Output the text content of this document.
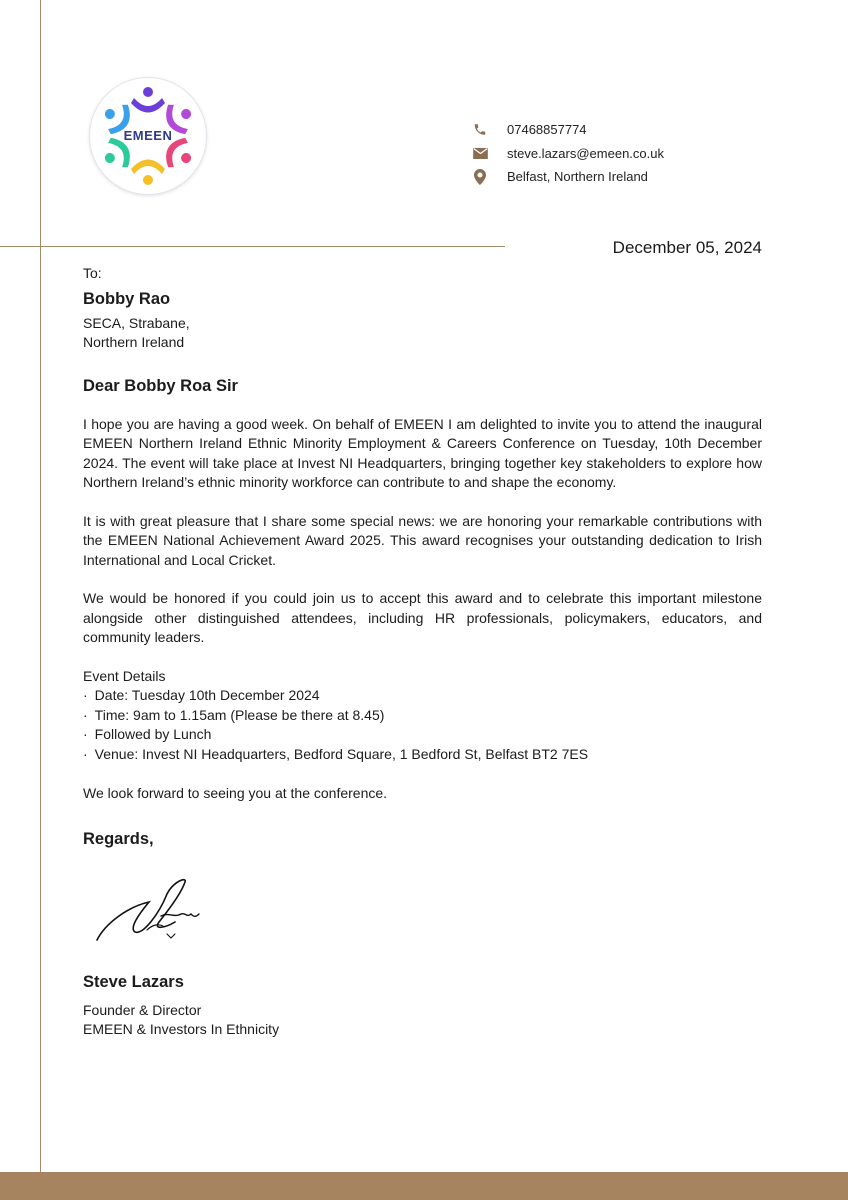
EMEEN	07468857774
steve.lazars@emeen.co.uk
Belfast, Northern Ireland
December 05, 2024
To:
Bobby Rao
SECA, Strabane,
Northern Ireland
Dear Bobby Roa Sir

I hope you are having a good week. On behalf of EMEEN I am delighted to invite you to attend the inaugural EMEEN Northern Ireland Ethnic Minority Employment & Careers Conference on Tuesday, 10th December 2024. The event will take place at Invest NI Headquarters, bringing together key stakeholders to explore how Northern Ireland’s ethnic minority workforce can contribute to and shape the economy.

It is with great pleasure that I share some special news: we are honoring your remarkable contributions with the EMEEN National Achievement Award 2025. This award recognises your outstanding dedication to Irish International and Local Cricket.

We would be honored if you could join us to accept this award and to celebrate this important milestone alongside other distinguished attendees, including HR professionals, policymakers, educators, and community leaders.

Event Details
· Date: Tuesday 10th December 2024
· Time: 9am to 1.15am (Please be there at 8.45)
· Followed by Lunch
· Venue: Invest NI Headquarters, Bedford Square, 1 Bedford St, Belfast BT2 7ES
We look forward to seeing you at the conference.
Regards,
Steve Lazars
Founder & Director
EMEEN & Investors In Ethnicity
